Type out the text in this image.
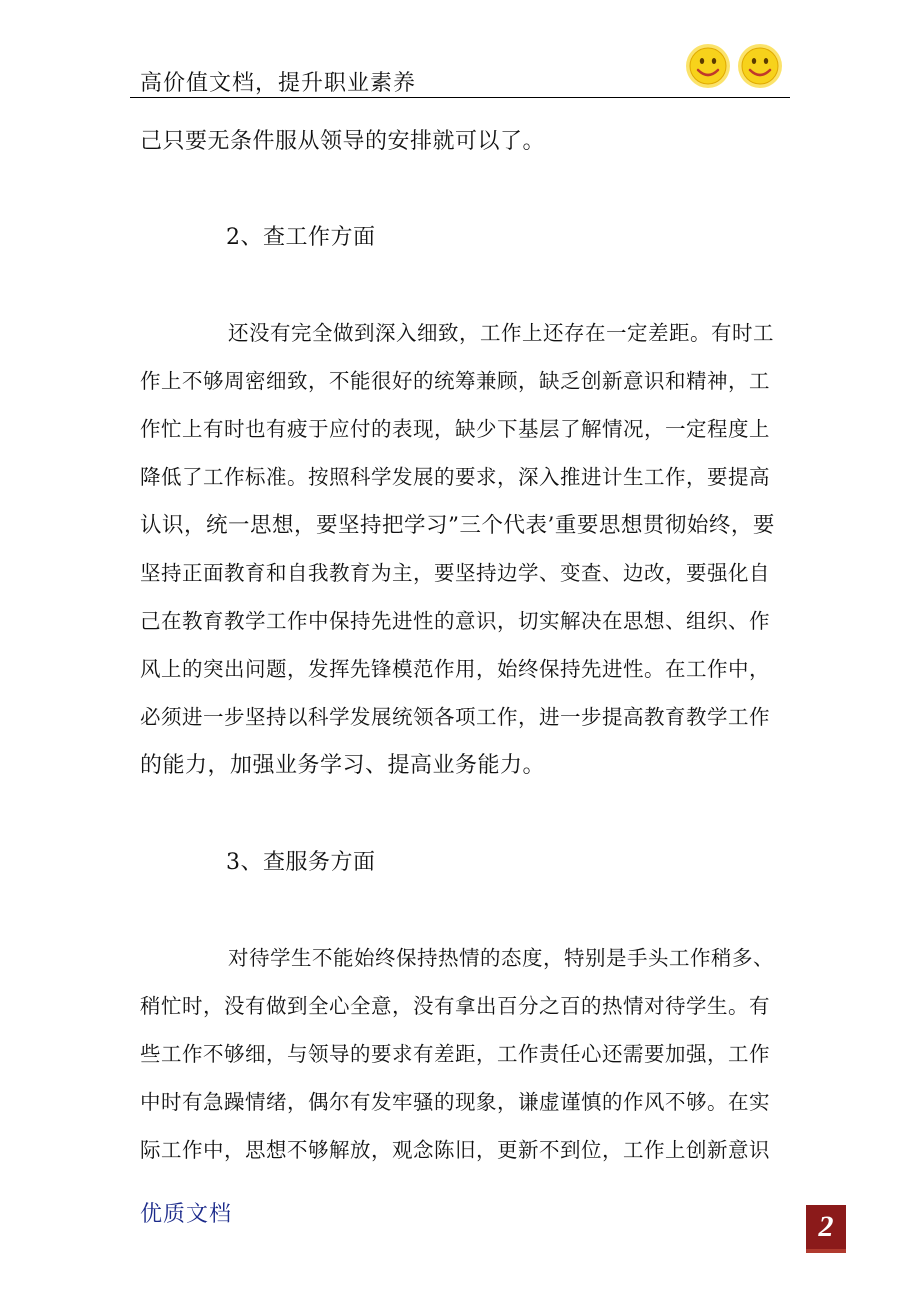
高价值文档，提升职业素养
己只要无条件服从领导的安排就可以了。
2、查工作方面
还没有完全做到深入细致，工作上还存在一定差距。有时工
作上不够周密细致，不能很好的统筹兼顾，缺乏创新意识和精神，工
作忙上有时也有疲于应付的表现，缺少下基层了解情况，一定程度上
降低了工作标准。按照科学发展的要求，深入推进计生工作，要提高
认识，统一思想，要坚持把学习”三个代表’重要思想贯彻始终，要
坚持正面教育和自我教育为主，要坚持边学、变查、边改，要强化自
己在教育教学工作中保持先进性的意识，切实解决在思想、组织、作
风上的突出问题，发挥先锋模范作用，始终保持先进性。在工作中，
必须进一步坚持以科学发展统领各项工作，进一步提高教育教学工作
的能力，加强业务学习、提高业务能力。
3、查服务方面
对待学生不能始终保持热情的态度，特别是手头工作稍多、
稍忙时，没有做到全心全意，没有拿出百分之百的热情对待学生。有
些工作不够细，与领导的要求有差距，工作责任心还需要加强，工作
中时有急躁情绪，偶尔有发牢骚的现象，谦虚谨慎的作风不够。在实
际工作中，思想不够解放，观念陈旧，更新不到位，工作上创新意识
优质文档	2
